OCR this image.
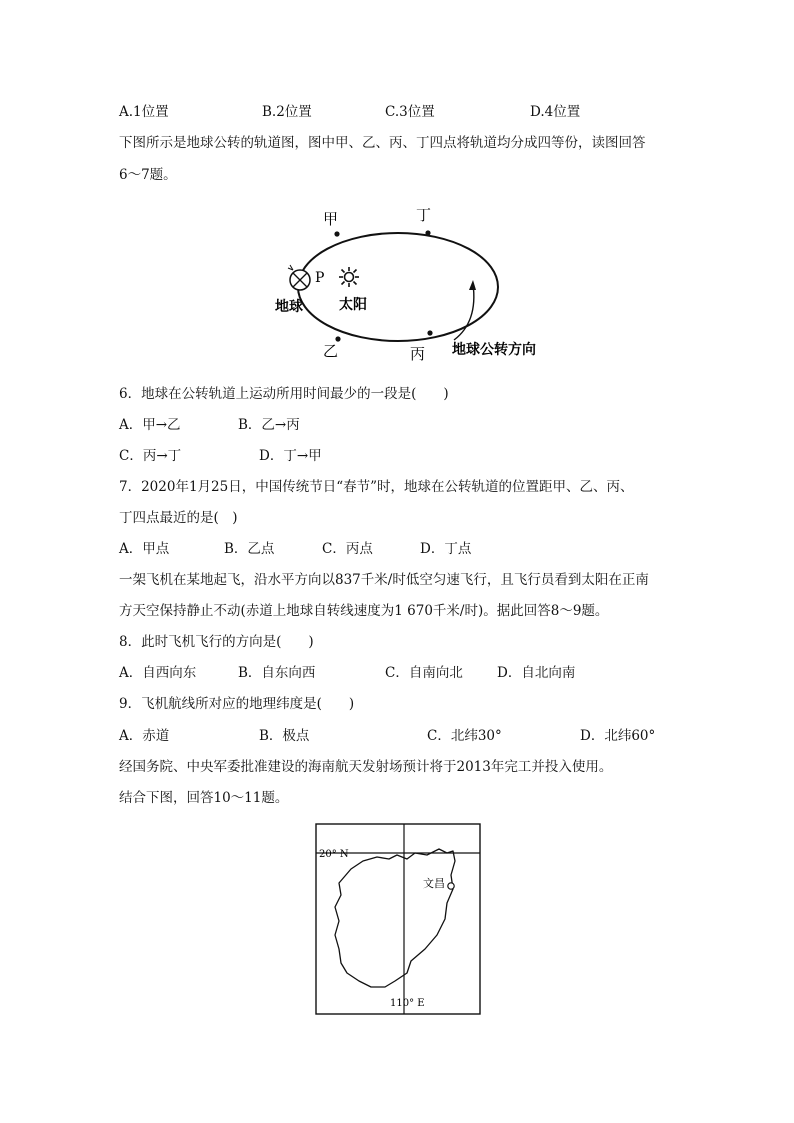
A.1位置	B.2位置	C.3位置	D.4位置
下图所示是地球公转的轨道图，图中甲、乙、丙、丁四点将轨道均分成四等份，读图回答
6～7题。
甲	丁
乙	丙
P
地球	太阳
地球公转方向
6．地球在公转轨道上运动所用时间最少的一段是(　　)
A．甲→乙	B．乙→丙
C．丙→丁	D．丁→甲
7．2020年1月25日，中国传统节日“春节”时，地球在公转轨道的位置距甲、乙、丙、
丁四点最近的是(　)
A．甲点	B．乙点	C．丙点	D．丁点
一架飞机在某地起飞，沿水平方向以837千米/时低空匀速飞行，且飞行员看到太阳在正南
方天空保持静止不动(赤道上地球自转线速度为1 670千米/时)。据此回答8～9题。
8．此时飞机飞行的方向是(　　)
A．自西向东	B．自东向西	C．自南向北	D．自北向南
9．飞机航线所对应的地理纬度是(　　)
A．赤道	B．极点	C．北纬30°	D．北纬60°
经国务院、中央军委批准建设的海南航天发射场预计将于2013年完工并投入使用。
结合下图，回答10～11题。
20° N
110° E
文昌
